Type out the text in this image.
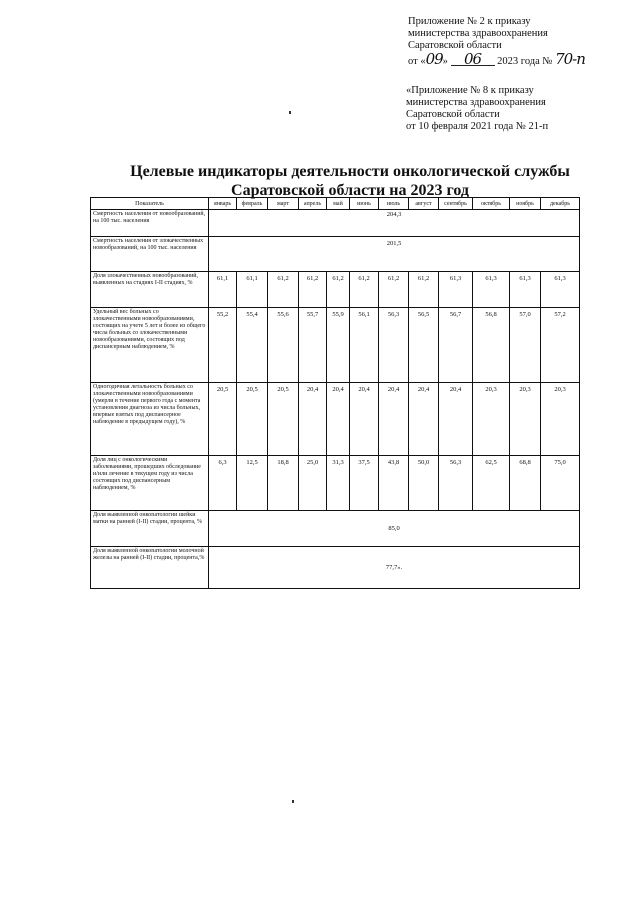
Приложение № 2 к приказу
министерства здравоохранения
Саратовской области
от «09» 06 2023 года № 70-п
«Приложение № 8 к приказу
министерства здравоохранения
Саратовской области
от 10 февраля 2021 года № 21-п
Целевые индикаторы деятельности онкологической службы
Саратовской области на 2023 год
Показатель	январь	февраль	март	апрель	май	июнь	июль	август	сентябрь	октябрь	ноябрь	декабрь
Смертность населения от новообразований, на 100 тыс. населения	204,3											
Смертность населения от злокачественных новообразований, на 100 тыс. населения	201,5											
Доля злокачественных новообразований, выявленных на стадиях I-II стадиях, %	61,1	61,1	61,2	61,2	61,2	61,2	61,2	61,2	61,3	61,3	61,3	61,3
Удельный вес больных со злокачественными новообразованиями, состоящих на учете 5 лет и более из общего числа больных со злокачественными новообразованиями, состоящих под диспансерным наблюдением, %	55,2	55,4	55,6	55,7	55,9	56,1	56,3	56,5	56,7	56,8	57,0	57,2
Одногодичная летальность больных со злокачественными новообразованиями (умерли в течение первого года с момента установления диагноза из числа больных, впервые взятых под диспансерное наблюдение в предыдущем году), %	20,5	20,5	20,5	20,4	20,4	20,4	20,4	20,4	20,4	20,3	20,3	20,3
Доля лиц с онкологическими заболеваниями, прошедших обследование и/или лечение в текущем году из числа состоящих под диспансерным наблюдением, %	6,3	12,5	18,8	25,0	31,3	37,5	43,8	50,0	56,3	62,5	68,8	75,0
Доля выявленной онкопатологии шейки матки на ранней (I-II) стадии, процента, %	85,0											
Доля выявленной онкопатологии молочной железы на ранней (I-II) стадии, процента,%	77,7».											
